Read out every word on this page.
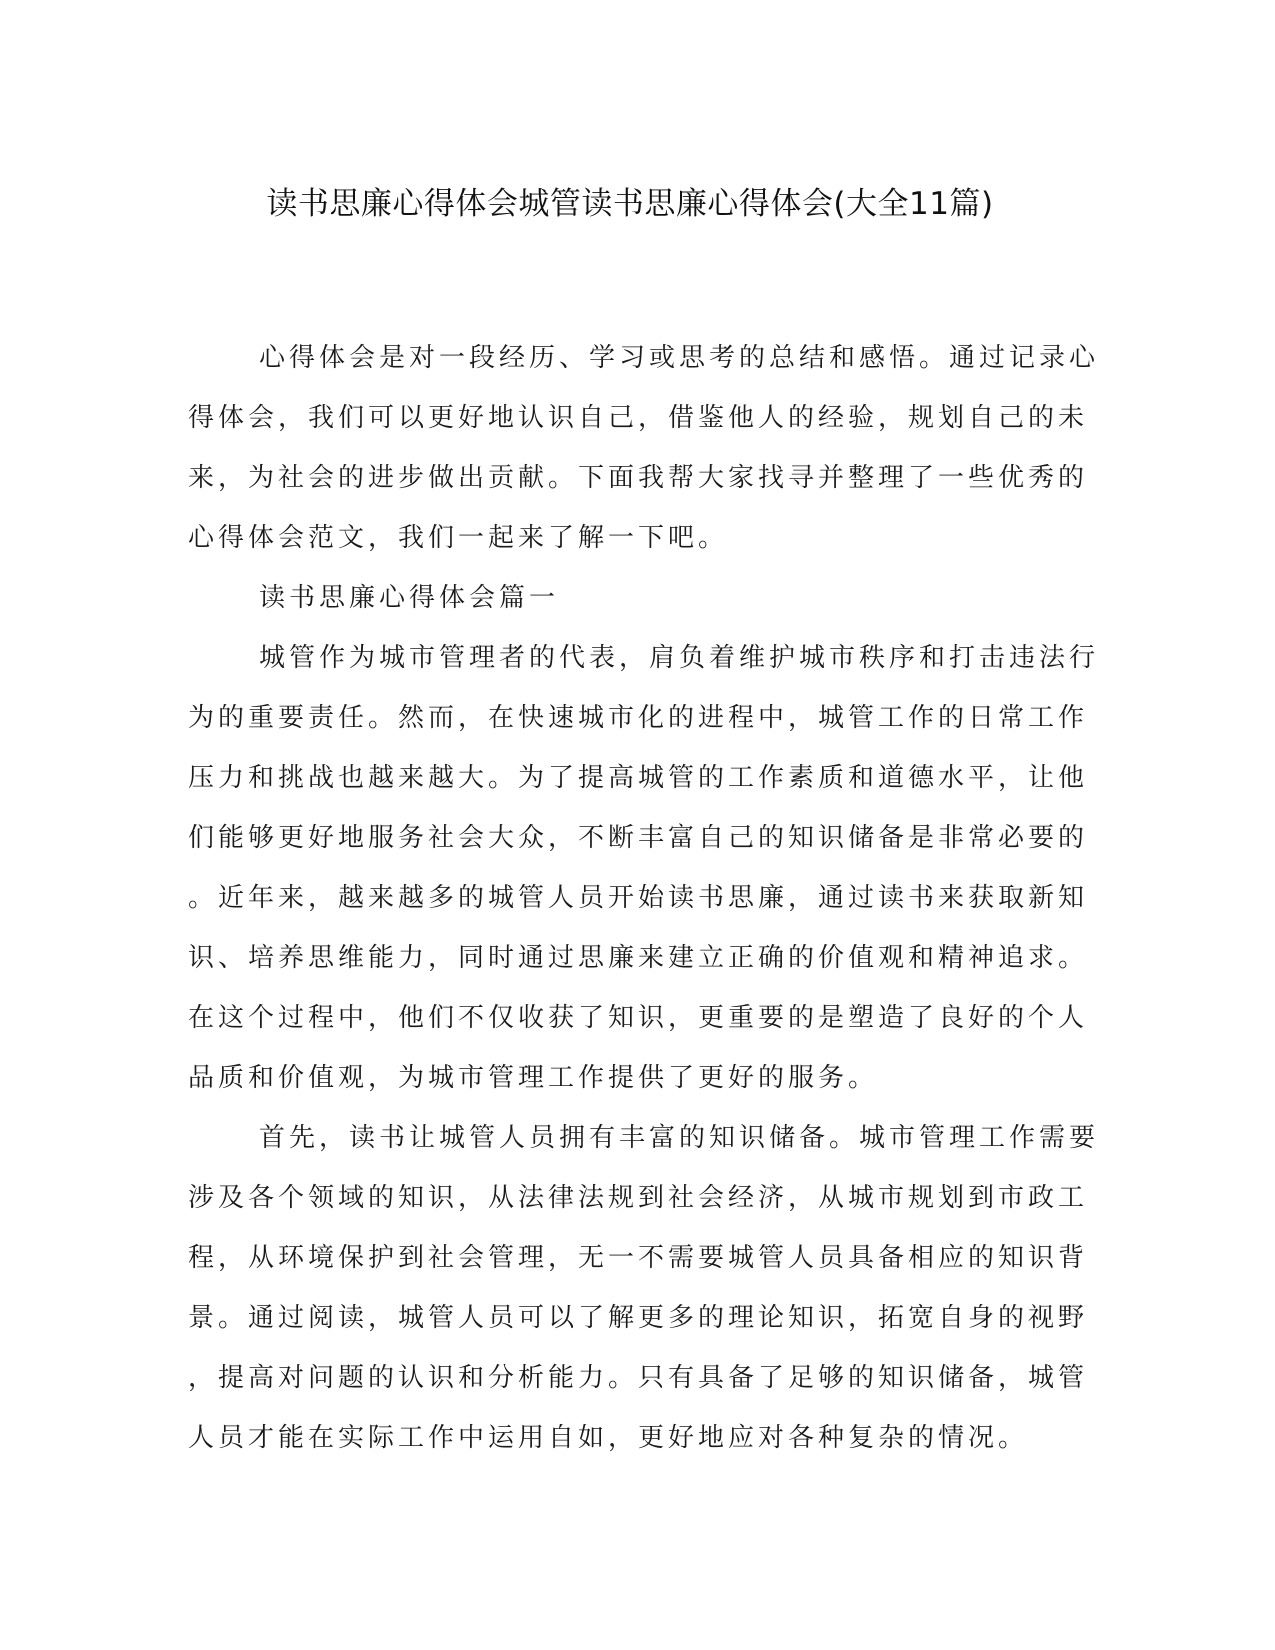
读书思廉心得体会城管读书思廉心得体会(大全11篇)

心得体会是对一段经历、学习或思考的总结和感悟。通过记录心

得体会，我们可以更好地认识自己，借鉴他人的经验，规划自己的未

来，为社会的进步做出贡献。下面我帮大家找寻并整理了一些优秀的

心得体会范文，我们一起来了解一下吧。

读书思廉心得体会篇一

城管作为城市管理者的代表，肩负着维护城市秩序和打击违法行

为的重要责任。然而，在快速城市化的进程中，城管工作的日常工作

压力和挑战也越来越大。为了提高城管的工作素质和道德水平，让他

们能够更好地服务社会大众，不断丰富自己的知识储备是非常必要的

。近年来，越来越多的城管人员开始读书思廉，通过读书来获取新知

识、培养思维能力，同时通过思廉来建立正确的价值观和精神追求。

在这个过程中，他们不仅收获了知识，更重要的是塑造了良好的个人

品质和价值观，为城市管理工作提供了更好的服务。

首先，读书让城管人员拥有丰富的知识储备。城市管理工作需要

涉及各个领域的知识，从法律法规到社会经济，从城市规划到市政工

程，从环境保护到社会管理，无一不需要城管人员具备相应的知识背

景。通过阅读，城管人员可以了解更多的理论知识，拓宽自身的视野

，提高对问题的认识和分析能力。只有具备了足够的知识储备，城管

人员才能在实际工作中运用自如，更好地应对各种复杂的情况。
